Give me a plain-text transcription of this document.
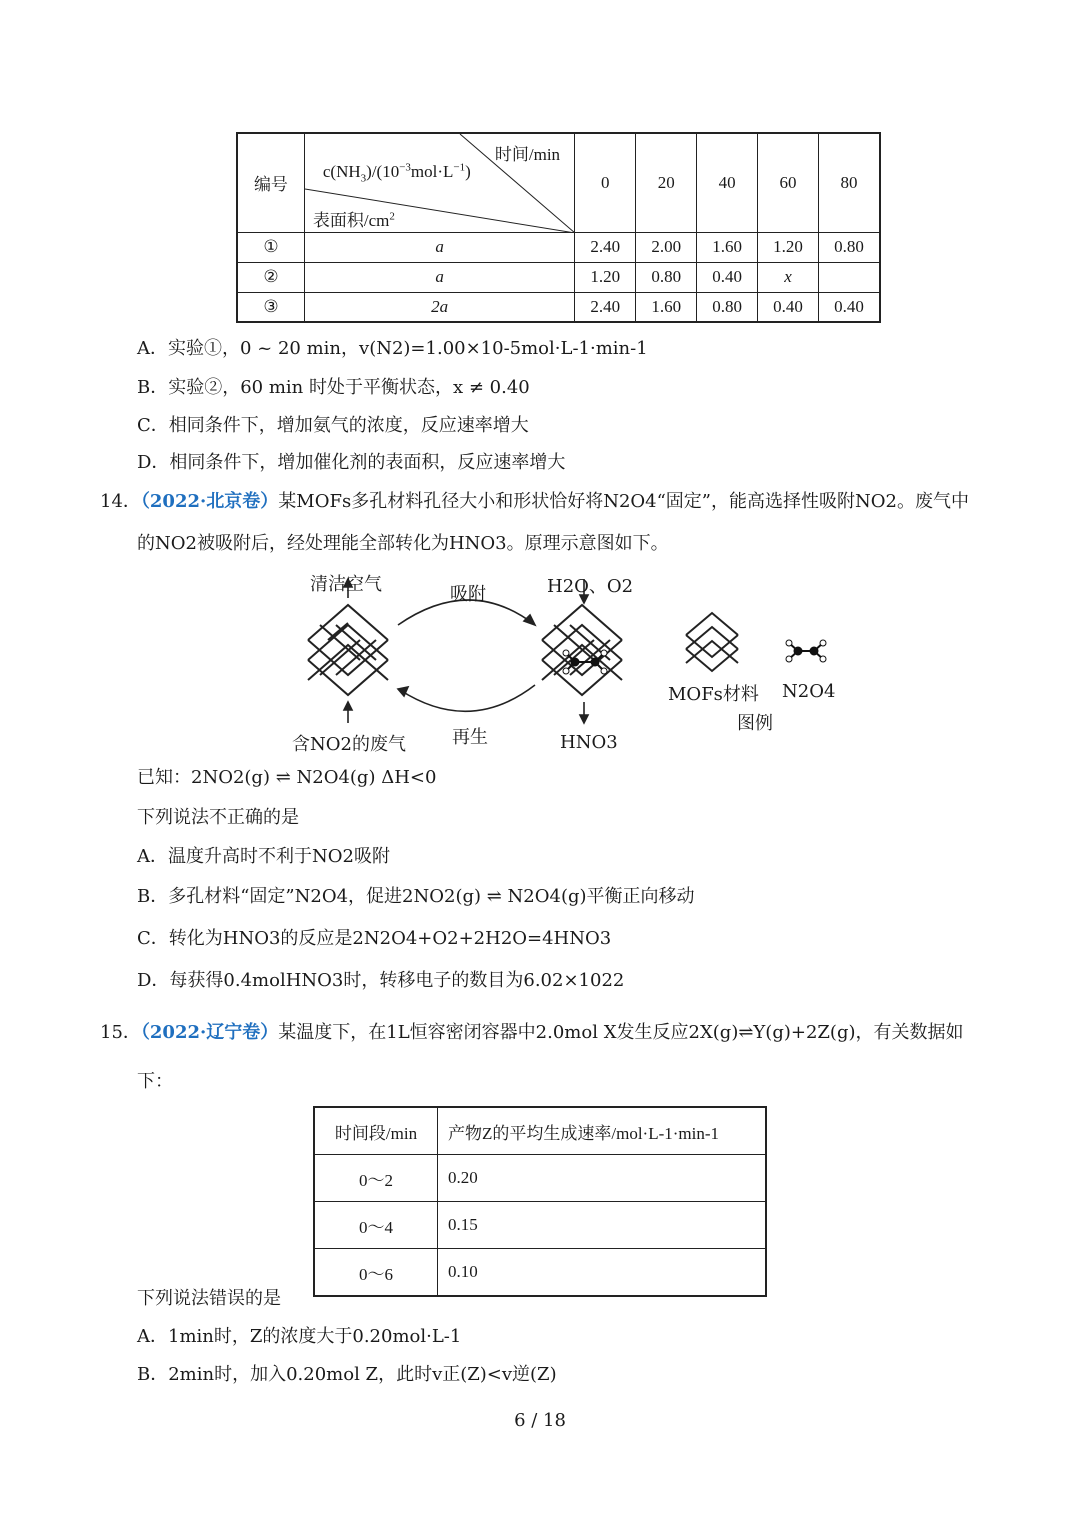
编号	时间/min
$c(NH_3)/(10^{-3}mol\cdot L^{-1})$
表面积$/cm^2$	0	20	40	60	80
①	a	2.40	2.00	1.60	1.20	0.80
②	a	1.20	0.80	0.40	x	
③	2a	2.40	1.60	0.80	0.40	0.40
A．实验①，0 ~ 20 min，v(N2)=1.00×10-5mol·L-1·min-1
B．实验②，60 min 时处于平衡状态，x ≠ 0.40
C．相同条件下，增加氨气的浓度，反应速率增大
D．相同条件下，增加催化剂的表面积，反应速率增大
14．（2022·北京卷）某MOFs多孔材料孔径大小和形状恰好将N2O4“固定”，能高选择性吸附NO2。废气中
的NO2被吸附后，经处理能全部转化为HNO3。原理示意图如下。
清洁空气	吸附	H2O、O2
含NO2的废气	再生	HNO3
MOFs材料 N2O4
图例
已知：2NO2(g) ⇌ N2O4(g) ΔH<0
下列说法不正确的是
A．温度升高时不利于NO2吸附
B．多孔材料“固定”N2O4，促进2NO2(g) ⇌ N2O4(g)平衡正向移动
C．转化为HNO3的反应是2N2O4+O2+2H2O=4HNO3
D．每获得0.4molHNO3时，转移电子的数目为6.02×1022
15．（2022·辽宁卷）某温度下，在1L恒容密闭容器中2.0mol X发生反应2X(g)⇌Y(g)+2Z(g)，有关数据如
下：
时间段/min	产物Z的平均生成速率/mol·L-1·min-1
0～2	0.20
0～4	0.15
0～6	0.10
下列说法错误的是
A．1min时，Z的浓度大于0.20mol·L-1
B．2min时，加入0.20mol Z，此时v正(Z)<v逆(Z)
6 / 18
